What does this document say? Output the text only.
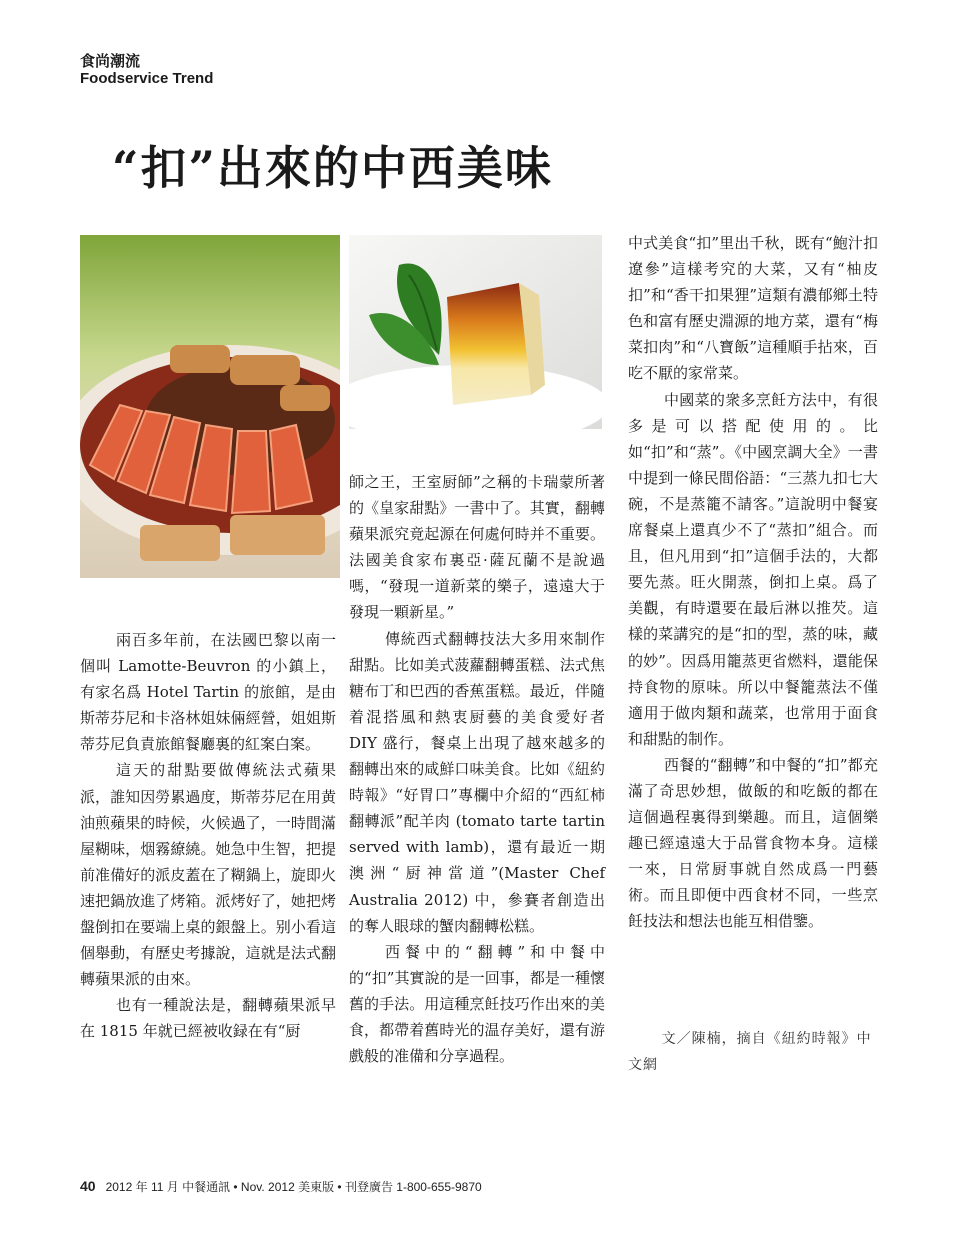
食尚潮流
Foodservice Trend
“扣”出來的中西美味

兩百多年前，在法國巴黎以南一個叫 Lamotte-Beuvron 的小鎮上，有家名爲 Hotel Tartin 的旅館，是由斯蒂芬尼和卡洛林姐妹倆經營，姐姐斯蒂芬尼負責旅館餐廳裏的紅案白案。

這天的甜點要做傳統法式蘋果派，誰知因勞累過度，斯蒂芬尼在用黄油煎蘋果的時候，火候過了，一時間滿屋糊味，烟霧繚繞。她急中生智，把提前准備好的派皮蓋在了糊鍋上，旋即火速把鍋放進了烤箱。派烤好了，她把烤盤倒扣在要端上桌的銀盤上。别小看這個舉動，有歷史考據說，這就是法式翻轉蘋果派的由來。

也有一種說法是，翻轉蘋果派早在 1815 年就已經被收録在有“厨

師之王，王室厨師”之稱的卡瑞蒙所著的《皇家甜點》一書中了。其實，翻轉蘋果派究竟起源在何處何時并不重要。法國美食家布裏亞·薩瓦蘭不是說過嗎，“發現一道新菜的樂子，遠遠大于發現一顆新星。”

傳統西式翻轉技法大多用來制作甜點。比如美式菠蘿翻轉蛋糕、法式焦糖布丁和巴西的香蕉蛋糕。最近，伴隨着混搭風和熱衷厨藝的美食愛好者 DIY 盛行，餐桌上出現了越來越多的翻轉出來的咸鮮口味美食。比如《紐約時報》“好胃口”專欄中介紹的“西紅柿翻轉派”配羊肉 (tomato tarte tartin served with lamb)，還有最近一期澳洲“厨神當道”(Master Chef Australia 2012) 中，參賽者創造出的奪人眼球的蟹肉翻轉松糕。

西餐中的“翻轉”和中餐中的“扣”其實說的是一回事，都是一種懷舊的手法。用這種烹飪技巧作出來的美食，都帶着舊時光的温存美好，還有游戲般的准備和分享過程。

中式美食“扣”里出千秋，既有“鮑汁扣遼參”這樣考究的大菜，又有“柚皮扣”和“香干扣果狸”這類有濃郁鄉土特色和富有歷史淵源的地方菜，還有“梅菜扣肉”和“八寶飯”這種順手拈來，百吃不厭的家常菜。

中國菜的衆多烹飪方法中，有很多是可以搭配使用的。比如“扣”和“蒸”。《中國烹調大全》一書中提到一條民間俗語：“三蒸九扣七大碗，不是蒸籠不請客。”這說明中餐宴席餐桌上還真少不了“蒸扣”組合。而且，但凡用到“扣”這個手法的，大都要先蒸。旺火開蒸，倒扣上桌。爲了美觀，有時還要在最后淋以推芡。這樣的菜講究的是“扣的型，蒸的味，藏的妙”。因爲用籠蒸更省燃料，還能保持食物的原味。所以中餐籠蒸法不僅適用于做肉類和蔬菜，也常用于面食和甜點的制作。

西餐的“翻轉”和中餐的“扣”都充滿了奇思妙想，做飯的和吃飯的都在這個過程裏得到樂趣。而且，這個樂趣已經遠遠大于品嘗食物本身。這樣一來，日常厨事就自然成爲一門藝術。而且即便中西食材不同，一些烹飪技法和想法也能互相借鑒。

文／陳楠，摘自《紐約時報》中文網
40 2012 年 11 月 中餐通訊 • Nov. 2012 美東版 • 刊登廣告 1-800-655-9870
